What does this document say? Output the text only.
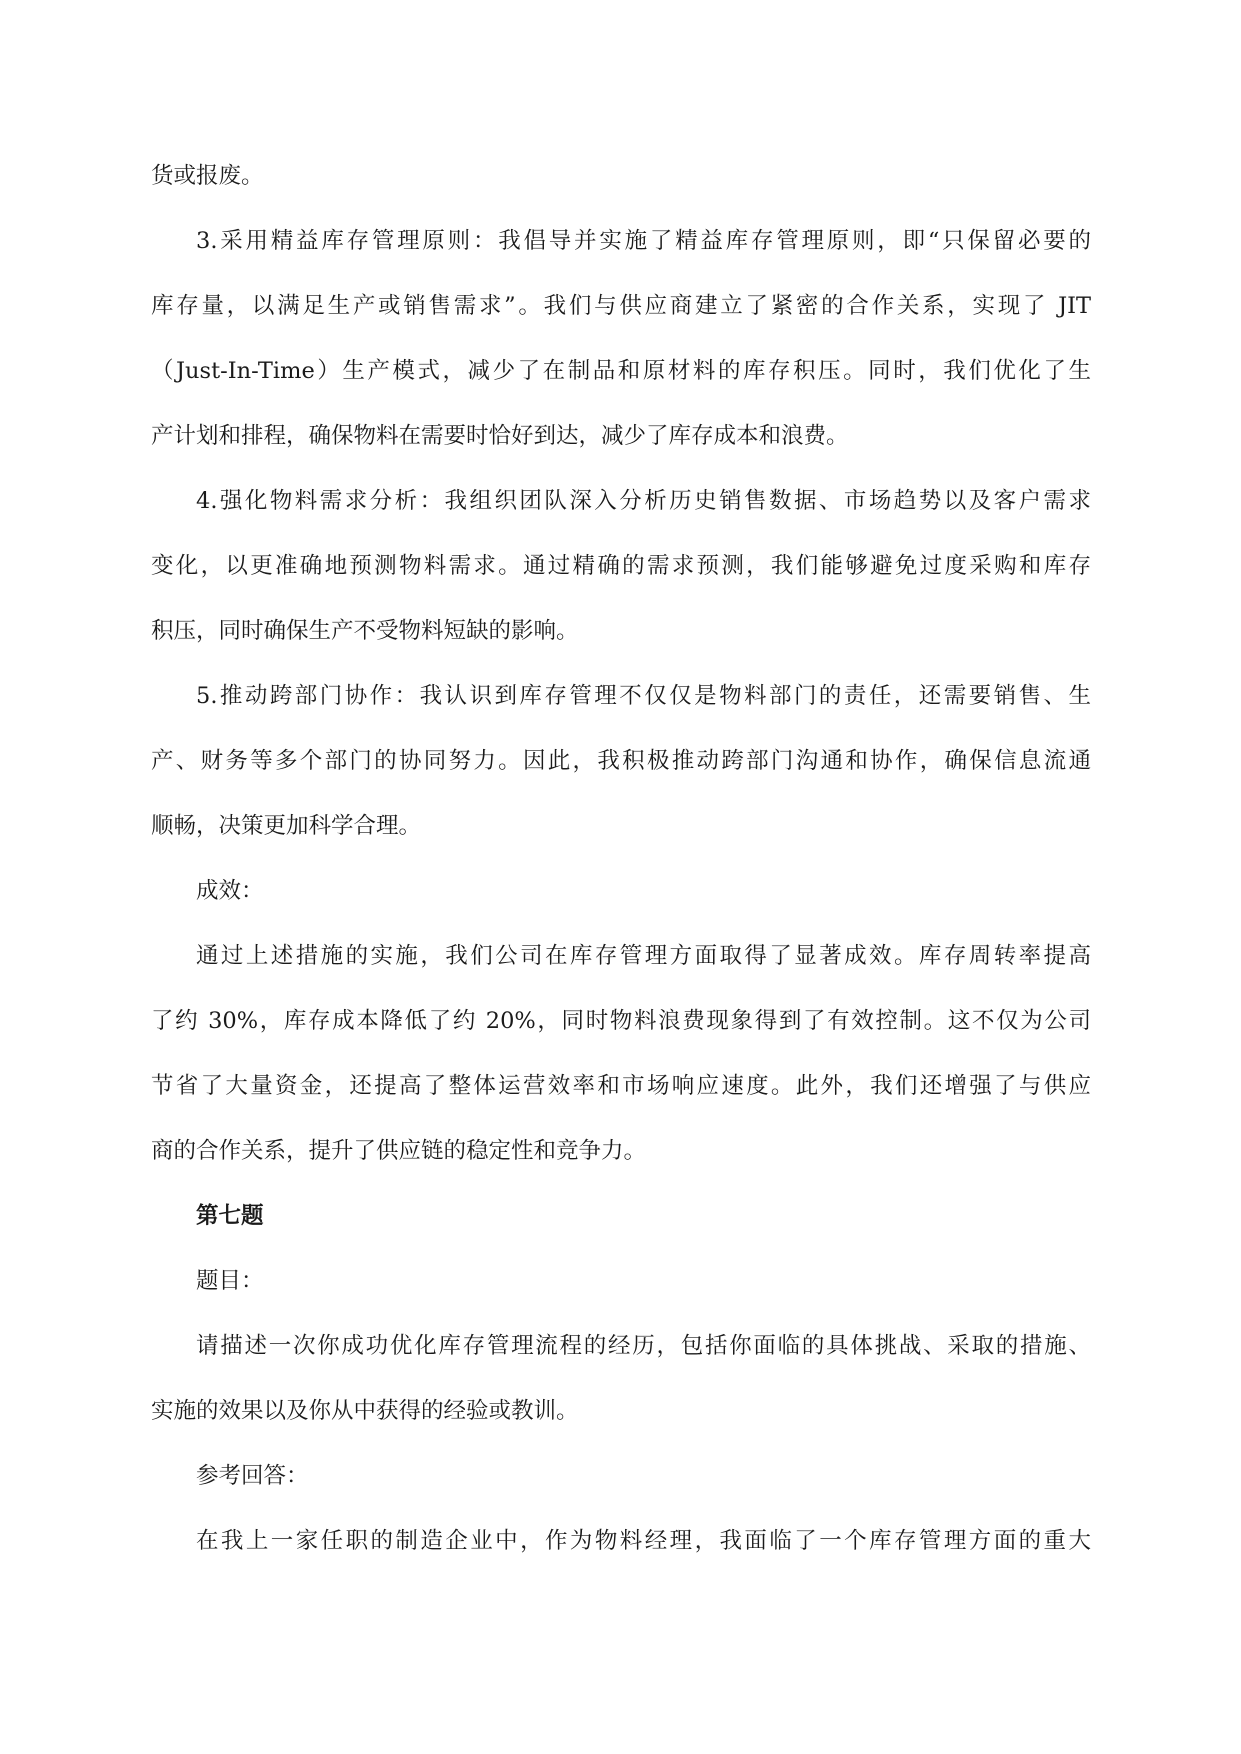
货或报废。
3.采用精益库存管理原则：我倡导并实施了精益库存管理原则，即“只保留必要的
库存量，以满足生产或销售需求”。我们与供应商建立了紧密的合作关系，实现了 JIT
（Just-In-Time）生产模式，减少了在制品和原材料的库存积压。同时，我们优化了生
产计划和排程，确保物料在需要时恰好到达，减少了库存成本和浪费。
4.强化物料需求分析：我组织团队深入分析历史销售数据、市场趋势以及客户需求
变化，以更准确地预测物料需求。通过精确的需求预测，我们能够避免过度采购和库存
积压，同时确保生产不受物料短缺的影响。
5.推动跨部门协作：我认识到库存管理不仅仅是物料部门的责任，还需要销售、生
产、财务等多个部门的协同努力。因此，我积极推动跨部门沟通和协作，确保信息流通
顺畅，决策更加科学合理。
成效：
通过上述措施的实施，我们公司在库存管理方面取得了显著成效。库存周转率提高
了约 30%，库存成本降低了约 20%，同时物料浪费现象得到了有效控制。这不仅为公司
节省了大量资金，还提高了整体运营效率和市场响应速度。此外，我们还增强了与供应
商的合作关系，提升了供应链的稳定性和竞争力。
第七题
题目：
请描述一次你成功优化库存管理流程的经历，包括你面临的具体挑战、采取的措施、
实施的效果以及你从中获得的经验或教训。
参考回答：
在我上一家任职的制造企业中，作为物料经理，我面临了一个库存管理方面的重大
